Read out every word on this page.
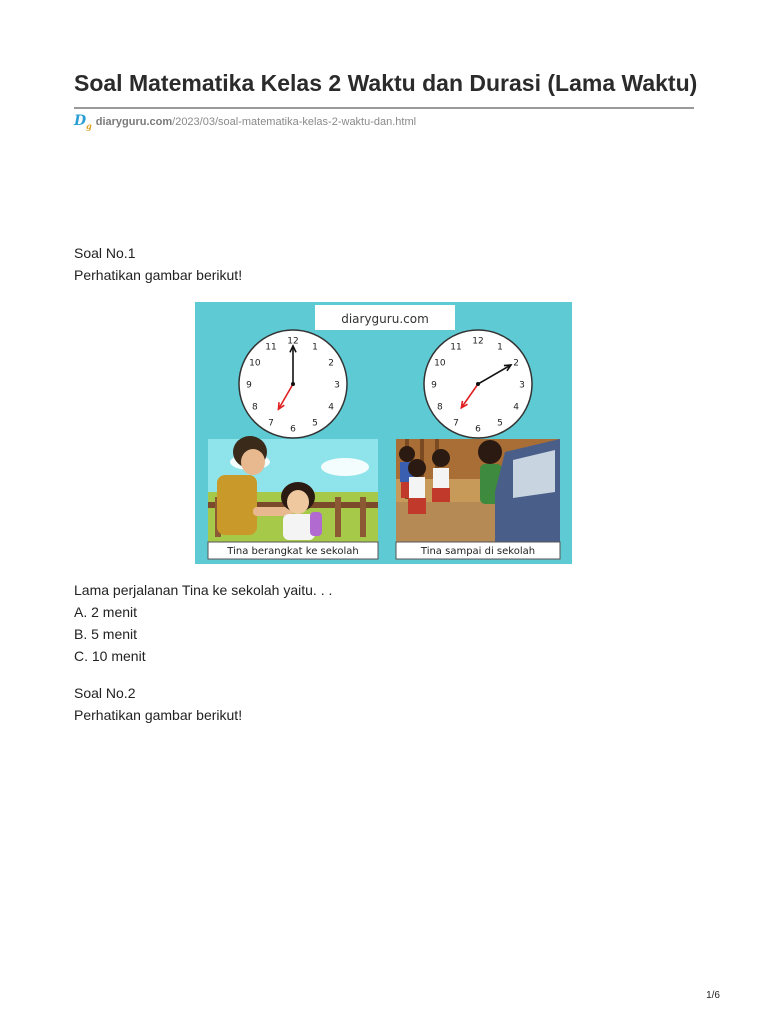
Soal Matematika Kelas 2 Waktu dan Durasi (Lama Waktu)
$D_g$ diaryguru.com/2023/03/soal-matematika-kelas-2-waktu-dan.html

Soal No.1

Perhatikan gambar berikut!

diaryguru.com
12
1
2
3
4
5
6
7
8
9
10
11
12
1
2
3
4
5
6
7
8
9
10
11
Tina berangkat ke sekolah	Tina sampai di sekolah

Lama perjalanan Tina ke sekolah yaitu. . .

A. 2 menit

B. 5 menit

C. 10 menit

Soal No.2

Perhatikan gambar berikut!

1/6
